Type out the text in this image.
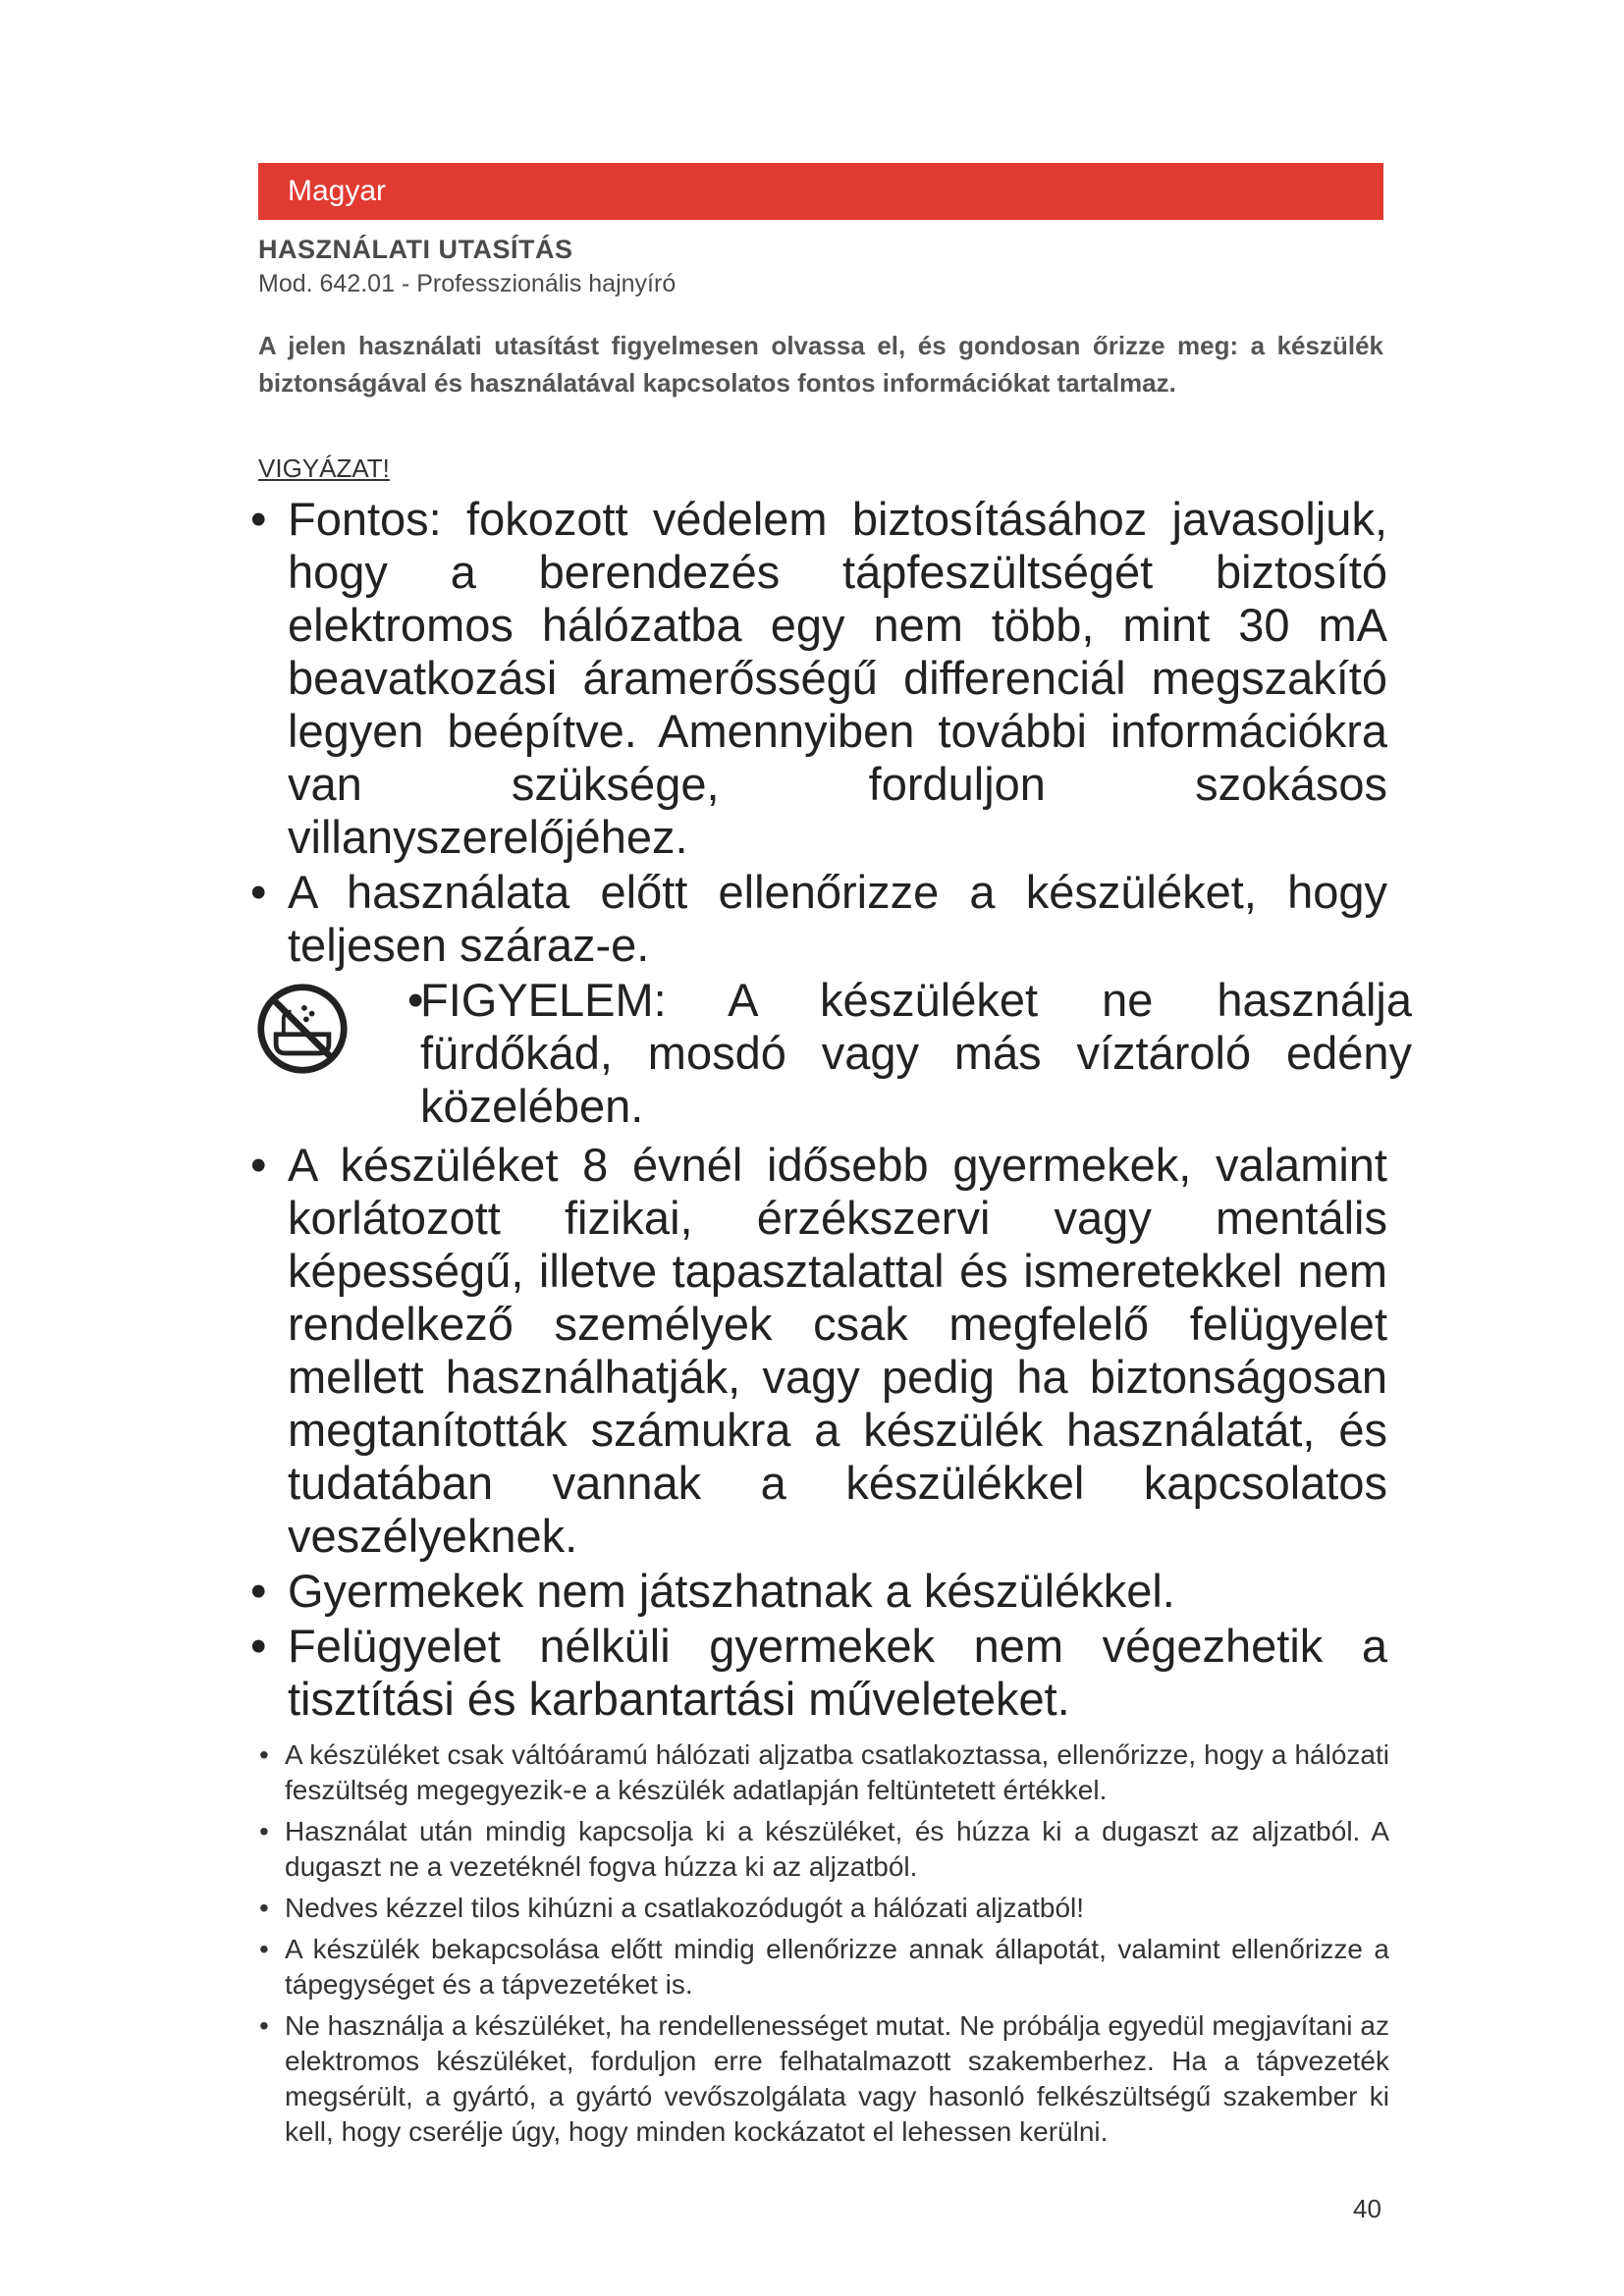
Magyar
HASZNÁLATI UTASÍTÁS
Mod. 642.01 - Professzionális hajnyíró
A jelen használati utasítást figyelmesen olvassa el, és gondosan őrizze meg: a készülék biztonságával és használatával kapcsolatos fontos információkat tartalmaz.
VIGYÁZAT!
• Fontos: fokozott védelem biztosításához javasoljuk, hogy a berendezés tápfeszültségét biztosító elektromos hálózatba egy nem több, mint 30 mA beavatkozási áramerősségű differenciál megszakító legyen beépítve. Amennyiben további információkra van szüksége, forduljon szokásos villanyszerelőjéhez.
• A használata előtt ellenőrizze a készüléket, hogy teljesen száraz-e.
•
FIGYELEM: A készüléket ne használja fürdőkád, mosdó vagy más víztároló edény közelében.
• A készüléket 8 évnél idősebb gyermekek, valamint korlátozott fizikai, érzékszervi vagy mentális képességű, illetve tapasztalattal és ismeretekkel nem rendelkező személyek csak megfelelő felügyelet mellett használhatják, vagy pedig ha biztonságosan megtanították számukra a készülék használatát, és tudatában vannak a készülékkel kapcsolatos veszélyeknek.
• Gyermekek nem játszhatnak a készülékkel.
• Felügyelet nélküli gyermekek nem végezhetik a tisztítási és karbantartási műveleteket.
• A készüléket csak váltóáramú hálózati aljzatba csatlakoztassa, ellenőrizze, hogy a hálózati feszültség megegyezik-e a készülék adatlapján feltüntetett értékkel.
• Használat után mindig kapcsolja ki a készüléket, és húzza ki a dugaszt az aljzatból. A dugaszt ne a vezetéknél fogva húzza ki az aljzatból.
• Nedves kézzel tilos kihúzni a csatlakozódugót a hálózati aljzatból!
• A készülék bekapcsolása előtt mindig ellenőrizze annak állapotát, valamint ellenőrizze a tápegységet és a tápvezetéket is.
• Ne használja a készüléket, ha rendellenességet mutat. Ne próbálja egyedül megjavítani az elektromos készüléket, forduljon erre felhatalmazott szakemberhez. Ha a tápvezeték megsérült, a gyártó, a gyártó vevőszolgálata vagy hasonló felkészültségű szakember ki kell, hogy cserélje úgy, hogy minden kockázatot el lehessen kerülni.
40
